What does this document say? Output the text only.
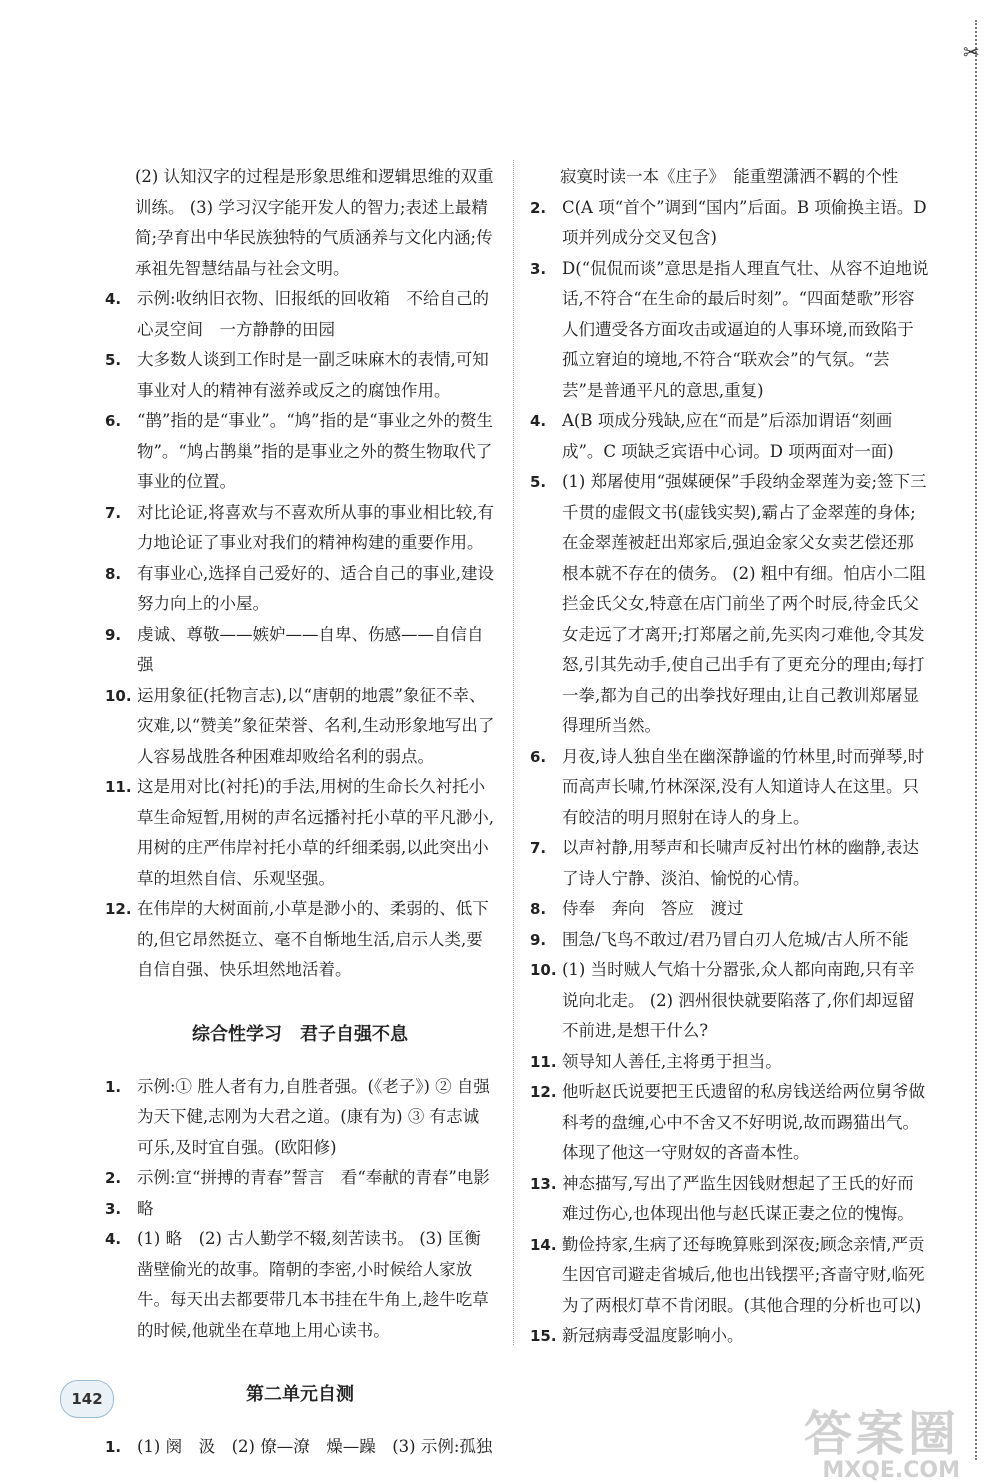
✂
(2) 认知汉字的过程是形象思维和逻辑思维的双重训练。 (3) 学习汉字能开发人的智力;表述上最精简;孕育出中华民族独特的气质涵养与文化内涵;传承祖先智慧结晶与社会文明。
4. 示例:收纳旧衣物、旧报纸的回收箱　不给自己的心灵空间　一方静静的田园
5. 大多数人谈到工作时是一副乏味麻木的表情,可知事业对人的精神有滋养或反之的腐蚀作用。
6. “鹊”指的是“事业”。“鸠”指的是“事业之外的赘生物”。“鸠占鹊巢”指的是事业之外的赘生物取代了事业的位置。
7. 对比论证,将喜欢与不喜欢所从事的事业相比较,有力地论证了事业对我们的精神构建的重要作用。
8. 有事业心,选择自己爱好的、适合自己的事业,建设努力向上的小屋。
9. 虔诚、尊敬——嫉妒——自卑、伤感——自信自强
10. 运用象征(托物言志),以“唐朝的地震”象征不幸、灾难,以“赞美”象征荣誉、名利,生动形象地写出了人容易战胜各种困难却败给名利的弱点。
11. 这是用对比(衬托)的手法,用树的生命长久衬托小草生命短暂,用树的声名远播衬托小草的平凡渺小,用树的庄严伟岸衬托小草的纤细柔弱,以此突出小草的坦然自信、乐观坚强。
12. 在伟岸的大树面前,小草是渺小的、柔弱的、低下的,但它昂然挺立、毫不自惭地生活,启示人类,要自信自强、快乐坦然地活着。
综合性学习　君子自强不息
1. 示例:① 胜人者有力,自胜者强。(《老子》) ② 自强为天下健,志刚为大君之道。(康有为) ③ 有志诚可乐,及时宜自强。(欧阳修)
2. 示例:宣“拼搏的青春”誓言　看“奉献的青春”电影
3. 略
4. (1) 略　(2) 古人勤学不辍,刻苦读书。 (3) 匡衡凿壁偷光的故事。隋朝的李密,小时候给人家放牛。每天出去都要带几本书挂在牛角上,趁牛吃草的时候,他就坐在草地上用心读书。
第二单元自测
1. (1) 阕　汲　(2) 僚—潦　燥—躁　(3) 示例:孤独
寂寞时读一本《庄子》　能重塑潇洒不羁的个性
2. C(A 项“首个”调到“国内”后面。B 项偷换主语。D 项并列成分交叉包含)
3. D(“侃侃而谈”意思是指人理直气壮、从容不迫地说话,不符合“在生命的最后时刻”。“四面楚歌”形容人们遭受各方面攻击或逼迫的人事环境,而致陷于孤立窘迫的境地,不符合“联欢会”的气氛。“芸芸”是普通平凡的意思,重复)
4. A(B 项成分残缺,应在“而是”后添加谓语“刻画成”。C 项缺乏宾语中心词。D 项两面对一面)
5. (1) 郑屠使用“强媒硬保”手段纳金翠莲为妾;签下三千贯的虚假文书(虚钱实契),霸占了金翠莲的身体;在金翠莲被赶出郑家后,强迫金家父女卖艺偿还那根本就不存在的债务。 (2) 粗中有细。怕店小二阻拦金氏父女,特意在店门前坐了两个时辰,待金氏父女走远了才离开;打郑屠之前,先买肉刁难他,令其发怒,引其先动手,使自己出手有了更充分的理由;每打一拳,都为自己的出拳找好理由,让自己教训郑屠显得理所当然。
6. 月夜,诗人独自坐在幽深静谧的竹林里,时而弹琴,时而高声长啸,竹林深深,没有人知道诗人在这里。只有皎洁的明月照射在诗人的身上。
7. 以声衬静,用琴声和长啸声反衬出竹林的幽静,表达了诗人宁静、淡泊、愉悦的心情。
8. 侍奉　奔向　答应　渡过
9. 围急/飞鸟不敢过/君乃冒白刃人危城/古人所不能
10. (1) 当时贼人气焰十分嚣张,众人都向南跑,只有辛说向北走。 (2) 泗州很快就要陷落了,你们却逗留不前进,是想干什么?
11. 领导知人善任,主将勇于担当。
12. 他听赵氏说要把王氏遗留的私房钱送给两位舅爷做科考的盘缠,心中不舍又不好明说,故而踢猫出气。体现了他这一守财奴的吝啬本性。
13. 神态描写,写出了严监生因钱财想起了王氏的好而难过伤心,也体现出他与赵氏谋正妻之位的愧悔。
14. 勤俭持家,生病了还每晚算账到深夜;顾念亲情,严贡生因官司避走省城后,他也出钱摆平;吝啬守财,临死为了两根灯草不肯闭眼。(其他合理的分析也可以)
15. 新冠病毒受温度影响小。
142
答案圈
MXQE.COM
